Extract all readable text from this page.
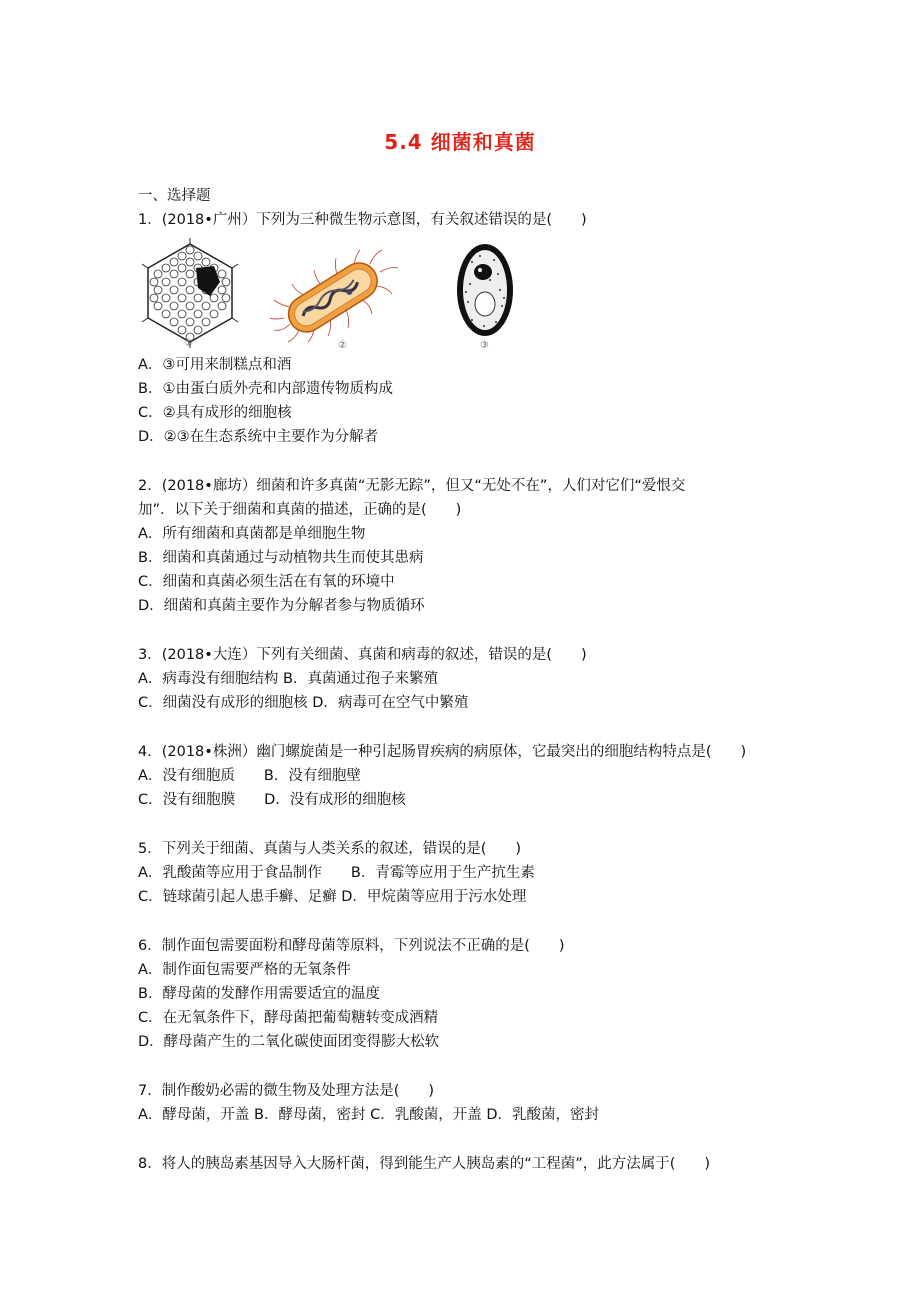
5.4 细菌和真菌
一、选择题
1．(2018•广州）下列为三种微生物示意图，有关叙述错误的是(　　)
①	②	③
A．③可用来制糕点和酒
B．①由蛋白质外壳和内部遗传物质构成
C．②具有成形的细胞核
D．②③在生态系统中主要作为分解者
2．(2018•廊坊）细菌和许多真菌“无影无踪”，但又“无处不在”，人们对它们“爱恨交
加”．以下关于细菌和真菌的描述，正确的是(　　)
A．所有细菌和真菌都是单细胞生物
B．细菌和真菌通过与动植物共生而使其患病
C．细菌和真菌必须生活在有氧的环境中
D．细菌和真菌主要作为分解者参与物质循环
3．(2018•大连）下列有关细菌、真菌和病毒的叙述，错误的是(　　)
A．病毒没有细胞结构 B．真菌通过孢子来繁殖
C．细菌没有成形的细胞核 D．病毒可在空气中繁殖
4．(2018•株洲）幽门螺旋菌是一种引起肠胃疾病的病原体，它最突出的细胞结构特点是(　　)
A．没有细胞质　　B．没有细胞壁
C．没有细胞膜　　D．没有成形的细胞核
5．下列关于细菌、真菌与人类关系的叙述，错误的是(　　)
A．乳酸菌等应用于食品制作　　B．青霉等应用于生产抗生素
C．链球菌引起人患手癣、足癣 D．甲烷菌等应用于污水处理
6．制作面包需要面粉和酵母菌等原料，下列说法不正确的是(　　)
A．制作面包需要严格的无氧条件
B．酵母菌的发酵作用需要适宜的温度
C．在无氧条件下，酵母菌把葡萄糖转变成酒精
D．酵母菌产生的二氧化碳使面团变得膨大松软
7．制作酸奶必需的微生物及处理方法是(　　)
A．酵母菌，开盖 B．酵母菌，密封 C．乳酸菌，开盖 D．乳酸菌，密封
8．将人的胰岛素基因导入大肠杆菌，得到能生产人胰岛素的“工程菌”，此方法属于(　　)
